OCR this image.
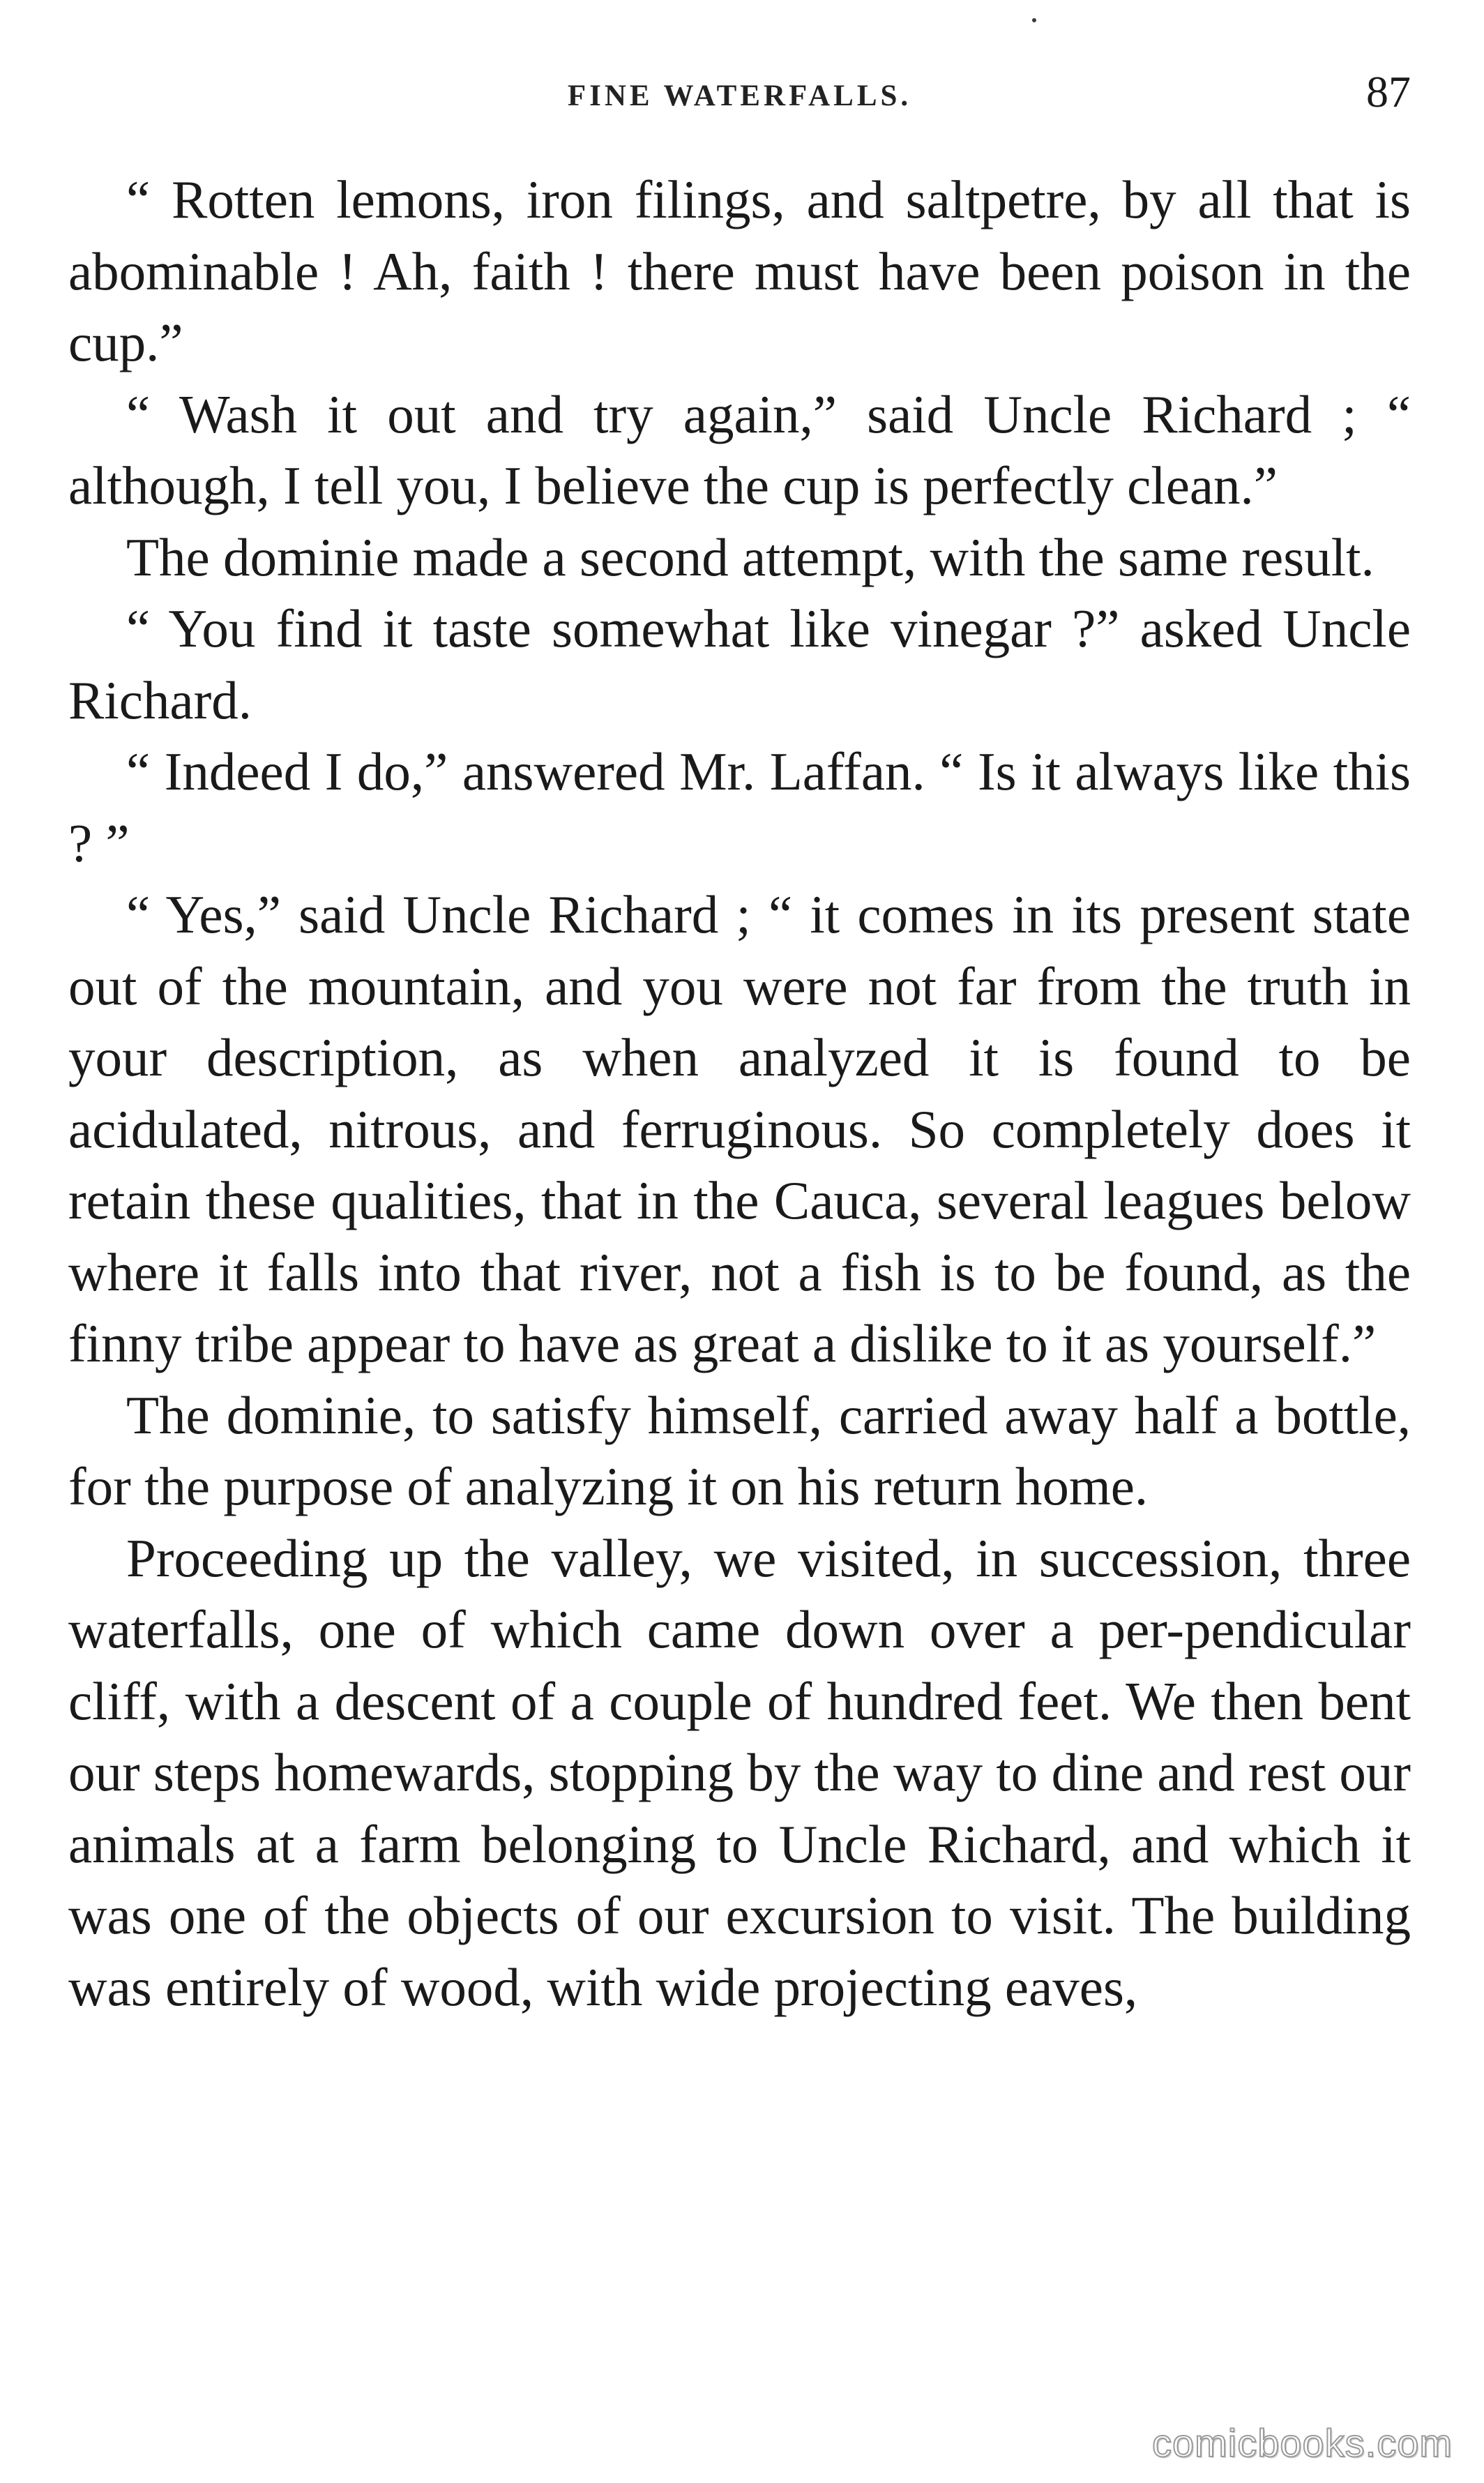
FINE WATERFALLS.	87

“ Rotten lemons, iron filings, and saltpetre, by all that is abominable ! Ah, faith ! there must have been poison in the cup.”

“ Wash it out and try again,” said Uncle Richard ; “ although, I tell you, I believe the cup is perfectly clean.”

The dominie made a second attempt, with the same result.

“ You find it taste somewhat like vinegar ?” asked Uncle Richard.

“ Indeed I do,” answered Mr. Laffan. “ Is it always like this ? ”

“ Yes,” said Uncle Richard ; “ it comes in its present state out of the mountain, and you were not far from the truth in your description, as when analyzed it is found to be acidulated, nitrous, and ferruginous. So completely does it retain these qualities, that in the Cauca, several leagues below where it falls into that river, not a fish is to be found, as the finny tribe appear to have as great a dislike to it as yourself.”

The dominie, to satisfy himself, carried away half a bottle, for the purpose of analyzing it on his return home.

Proceeding up the valley, we visited, in succession, three waterfalls, one of which came down over a per-pendicular cliff, with a descent of a couple of hundred feet. We then bent our steps homewards, stopping by the way to dine and rest our animals at a farm belonging to Uncle Richard, and which it was one of the objects of our excursion to visit. The building was entirely of wood, with wide projecting eaves,

comicbooks.com
